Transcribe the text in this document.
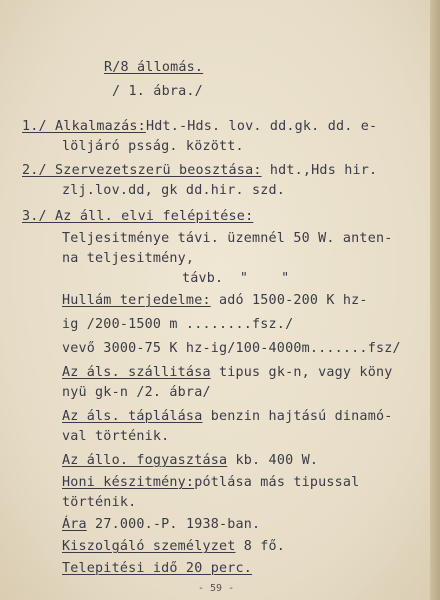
R/8 állomás.
/ 1. ábra./
1./ Alkalmazás:Hdt.-Hds. lov. dd.gk. dd. e-
löljáró psság. között.
2./ Szervezetszerü beosztása: hdt.,Hds hir.
zlj.lov.dd, gk dd.hir. szd.
3./ Az áll. elvi felépitése:
Teljesitménye távi. üzemnél 50 W. anten-
na teljesitmény,
távb.  "    "
Hullám terjedelme: adó 1500-200 K hz-
ig /200-1500 m ........fsz./
vevő 3000-75 K hz-ig/100-4000m.......fsz/
Az áls. szállitása tipus gk-n, vagy köny
nyü gk-n /2. ábra/
Az áls. táplálása benzin hajtású dinamó-
val történik.
Az állo. fogyasztása kb. 400 W.
Honi készitmény:pótlása más tipussal
történik.
Ára 27.000.-P. 1938-ban.
Kiszolgáló személyzet 8 fő.
Telepitési idő 20 perc.
- 59 -
